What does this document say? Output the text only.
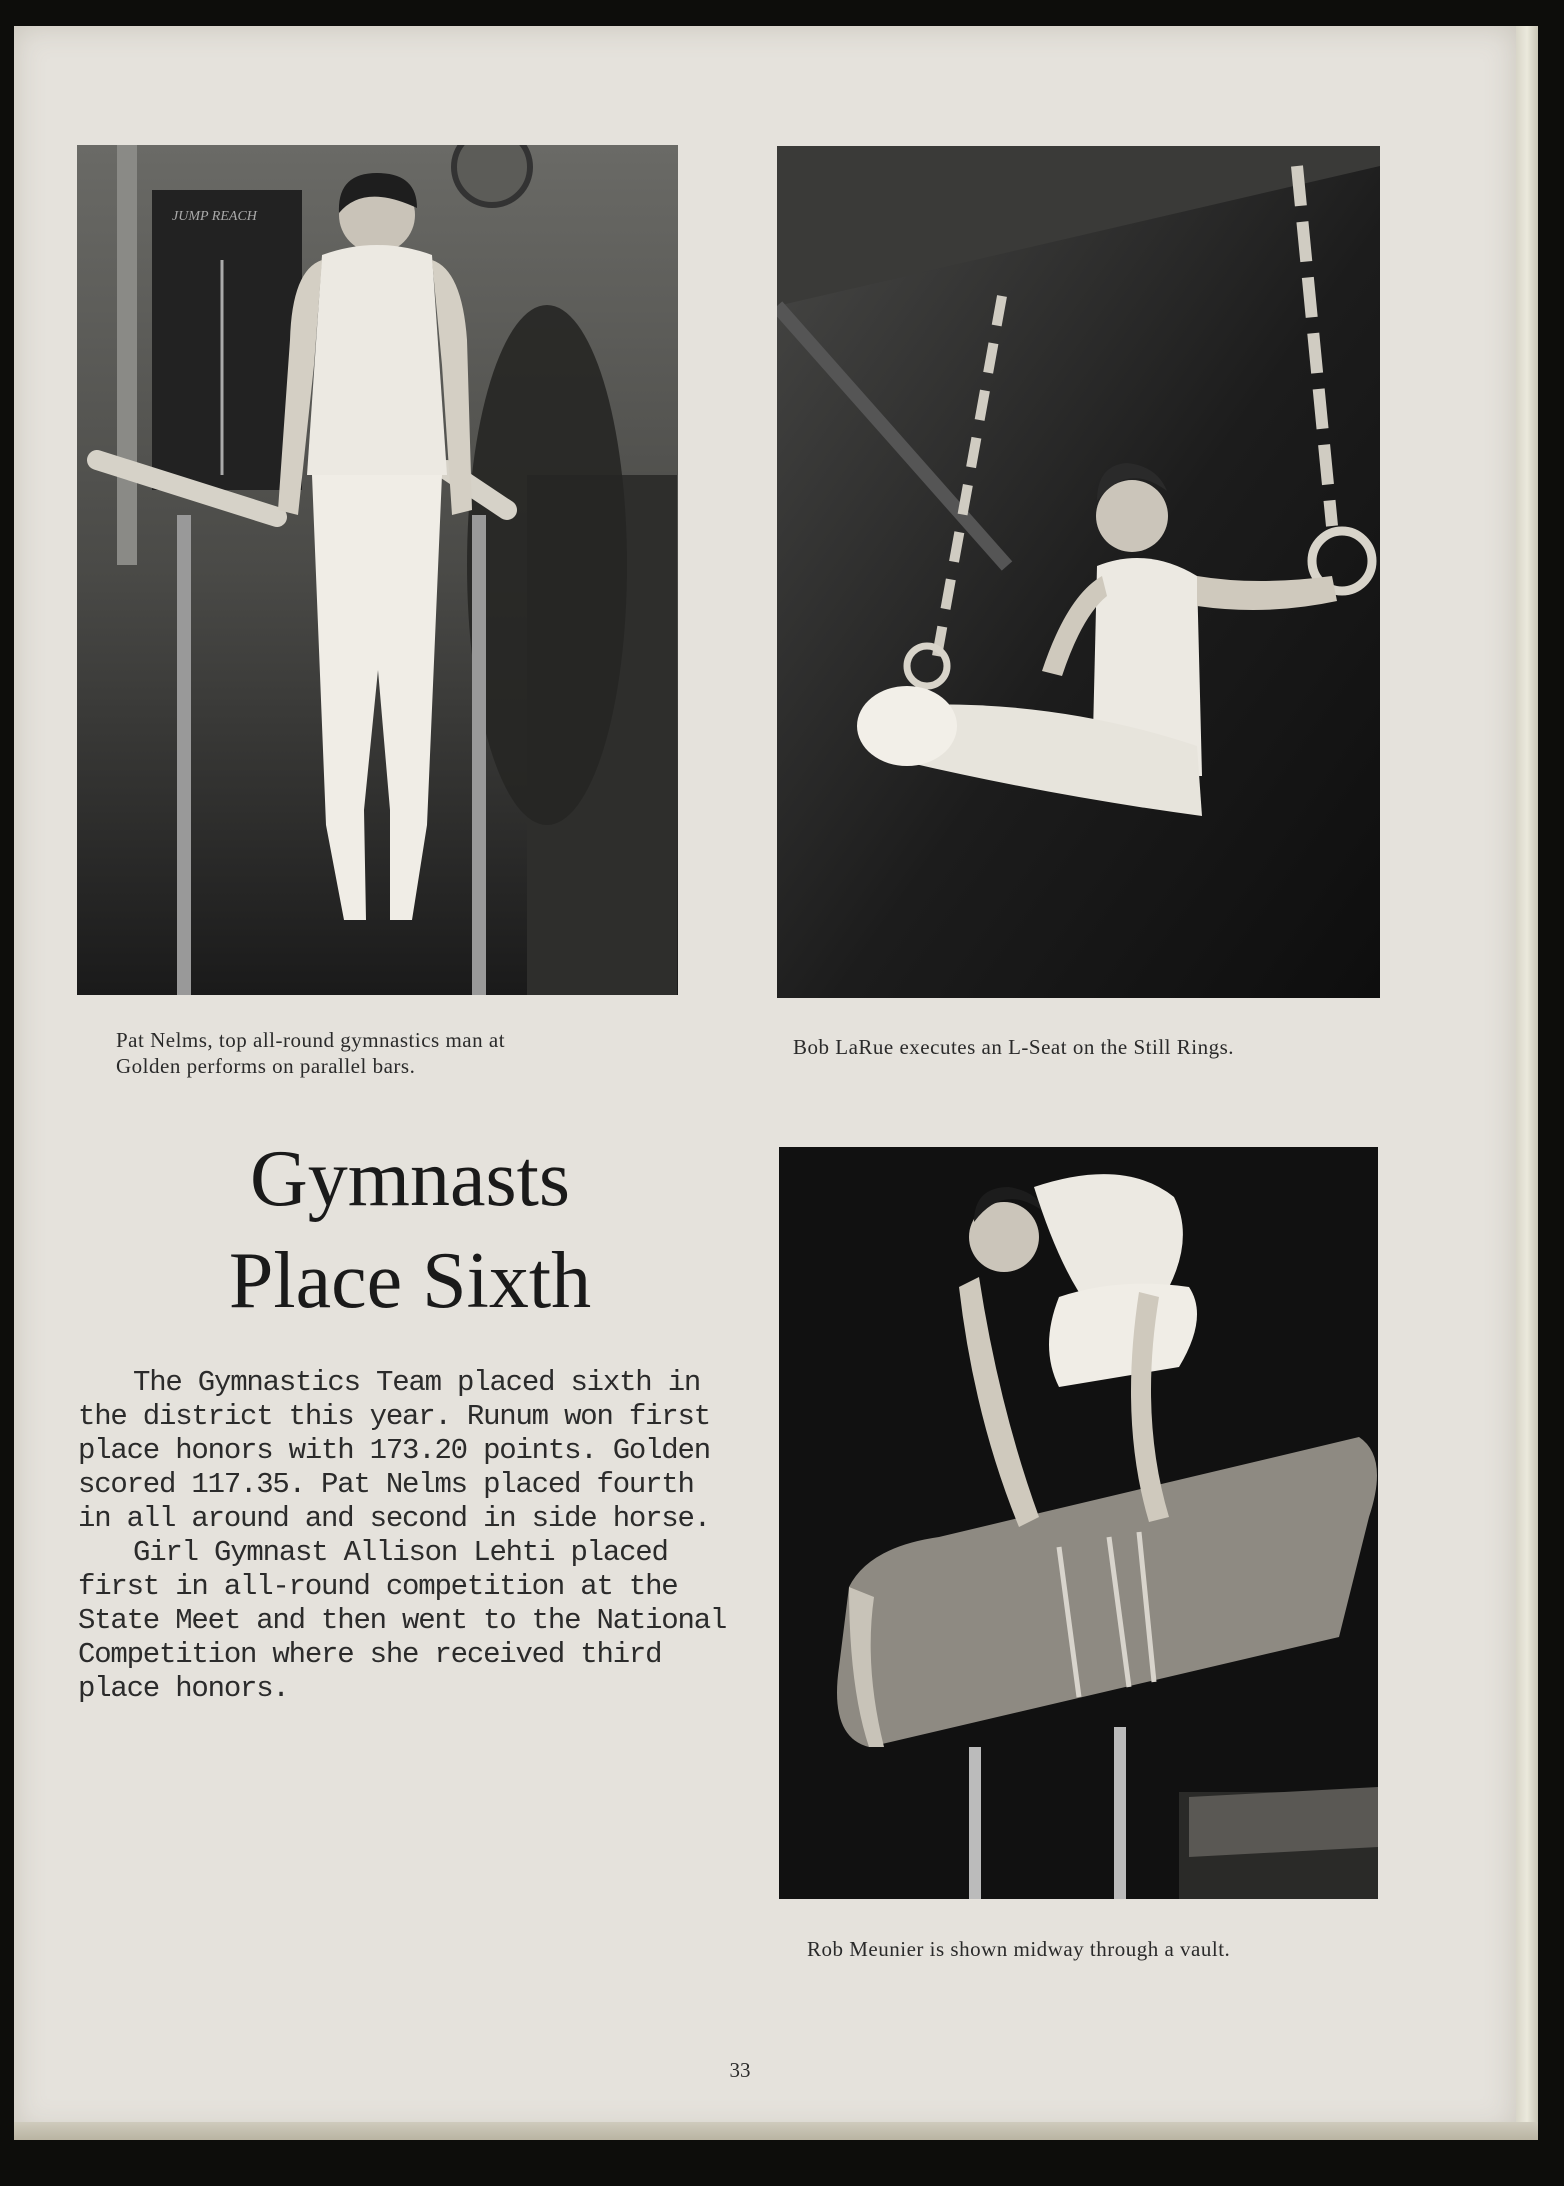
JUMP REACH
Pat Nelms, top all-round gymnastics man at
Golden performs on parallel bars.
Bob LaRue executes an L-Seat on the Still Rings.
Rob Meunier is shown midway through a vault.
Gymnasts
Place Sixth

The Gymnastics Team placed sixth in the district this year. Runum won first place honors with 173.20 points. Golden scored 117.35. Pat Nelms placed fourth in all around and second in side horse.

Girl Gymnast Allison Lehti placed first in all-round competition at the State Meet and then went to the National Competition where she received third place honors.

33
